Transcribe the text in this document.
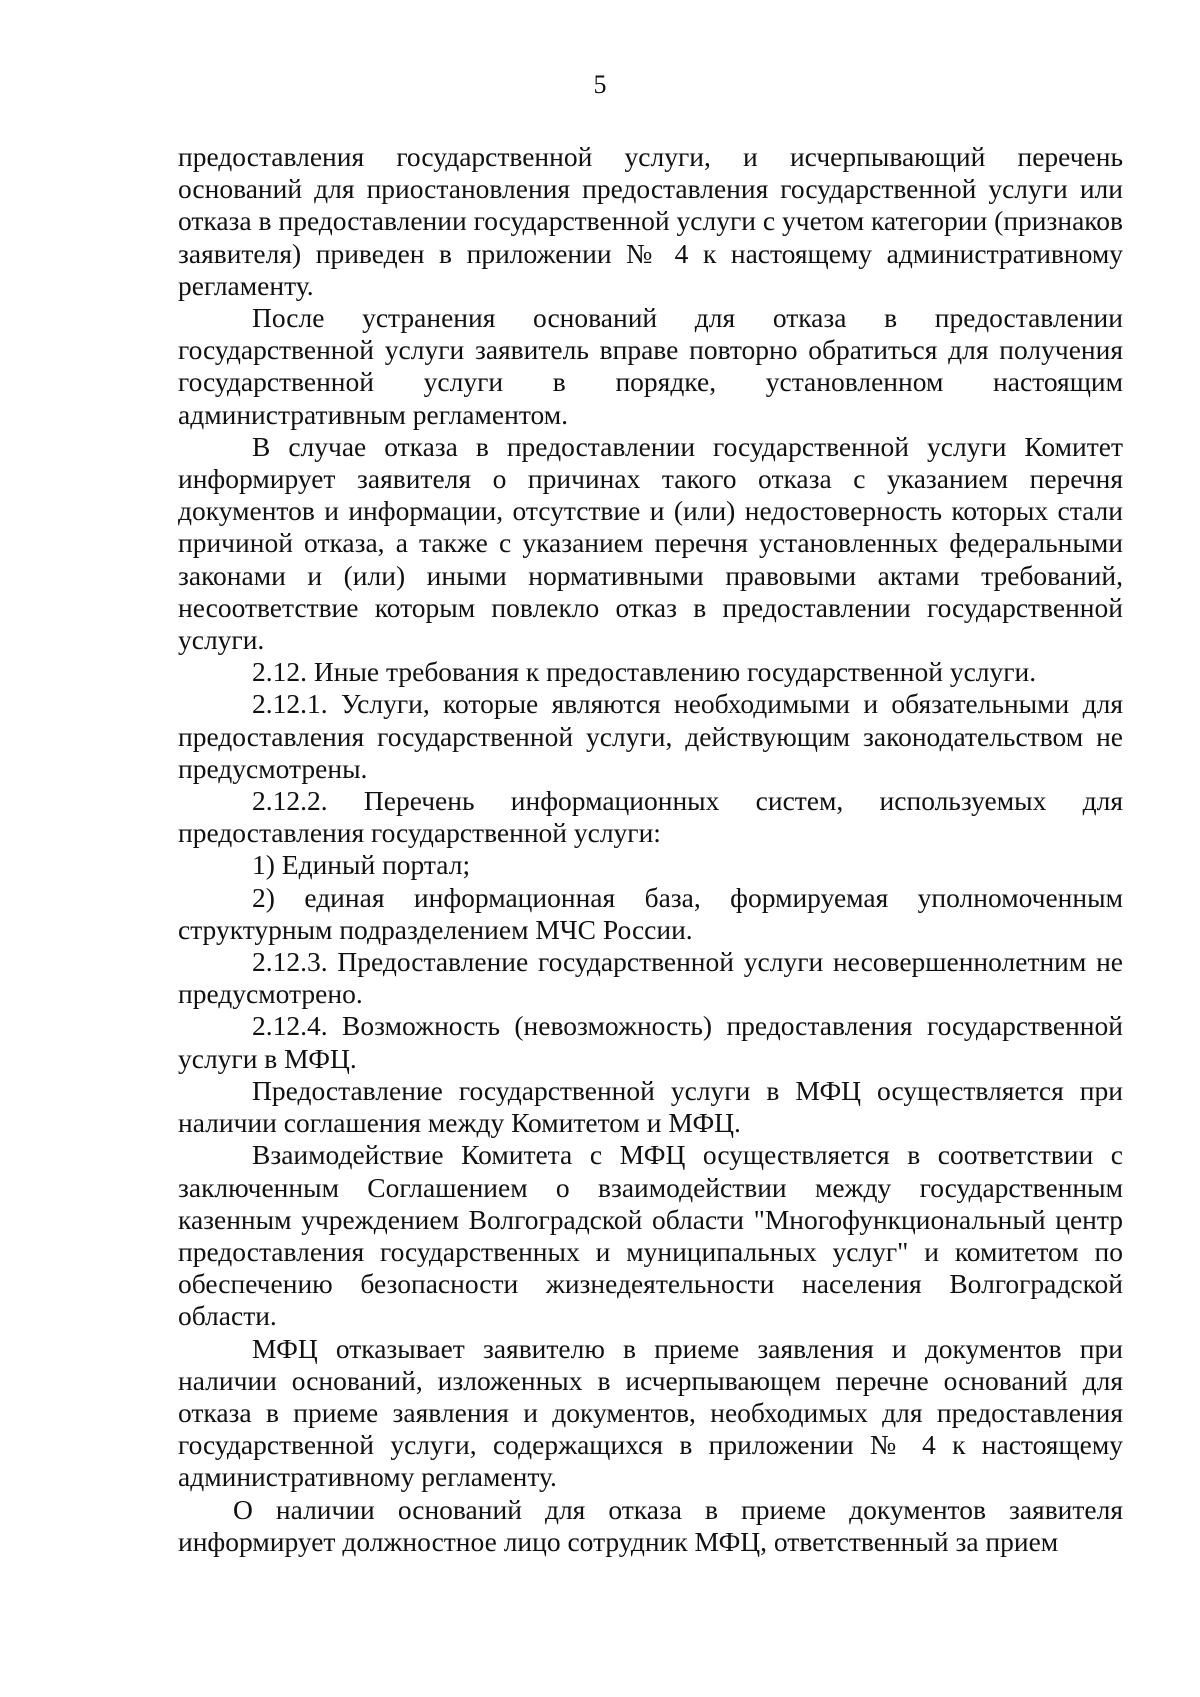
5

предоставления государственной услуги, и исчерпывающий перечень оснований для приостановления предоставления государственной услуги или отказа в предоставлении государственной услуги с учетом категории (признаков заявителя) приведен в приложении № 4 к настоящему административному регламенту.

После устранения оснований для отказа в предоставлении государственной услуги заявитель вправе повторно обратиться для получения государственной услуги в порядке, установленном настоящим административным регламентом.

В случае отказа в предоставлении государственной услуги Комитет информирует заявителя о причинах такого отказа с указанием перечня документов и информации, отсутствие и (или) недостоверность которых стали причиной отказа, а также с указанием перечня установленных федеральными законами и (или) иными нормативными правовыми актами требований, несоответствие которым повлекло отказ в предоставлении государственной услуги.

2.12. Иные требования к предоставлению государственной услуги.

2.12.1. Услуги, которые являются необходимыми и обязательными для предоставления государственной услуги, действующим законодательством не предусмотрены.

2.12.2. Перечень информационных систем, используемых для предоставления государственной услуги:

1) Единый портал;

2) единая информационная база, формируемая уполномоченным структурным подразделением МЧС России.

2.12.3. Предоставление государственной услуги несовершеннолетним не предусмотрено.

2.12.4. Возможность (невозможность) предоставления государственной услуги в МФЦ.

Предоставление государственной услуги в МФЦ осуществляется при наличии соглашения между Комитетом и МФЦ.

Взаимодействие Комитета с МФЦ осуществляется в соответствии с заключенным Соглашением о взаимодействии между государственным казенным учреждением Волгоградской области "Многофункциональный центр предоставления государственных и муниципальных услуг" и комитетом по обеспечению безопасности жизнедеятельности населения Волгоградской области.

МФЦ отказывает заявителю в приеме заявления и документов при наличии оснований, изложенных в исчерпывающем перечне оснований для отказа в приеме заявления и документов, необходимых для предоставления государственной услуги, содержащихся в приложении № 4 к настоящему административному регламенту.

О наличии оснований для отказа в приеме документов заявителя информирует должностное лицо сотрудник МФЦ, ответственный за прием
